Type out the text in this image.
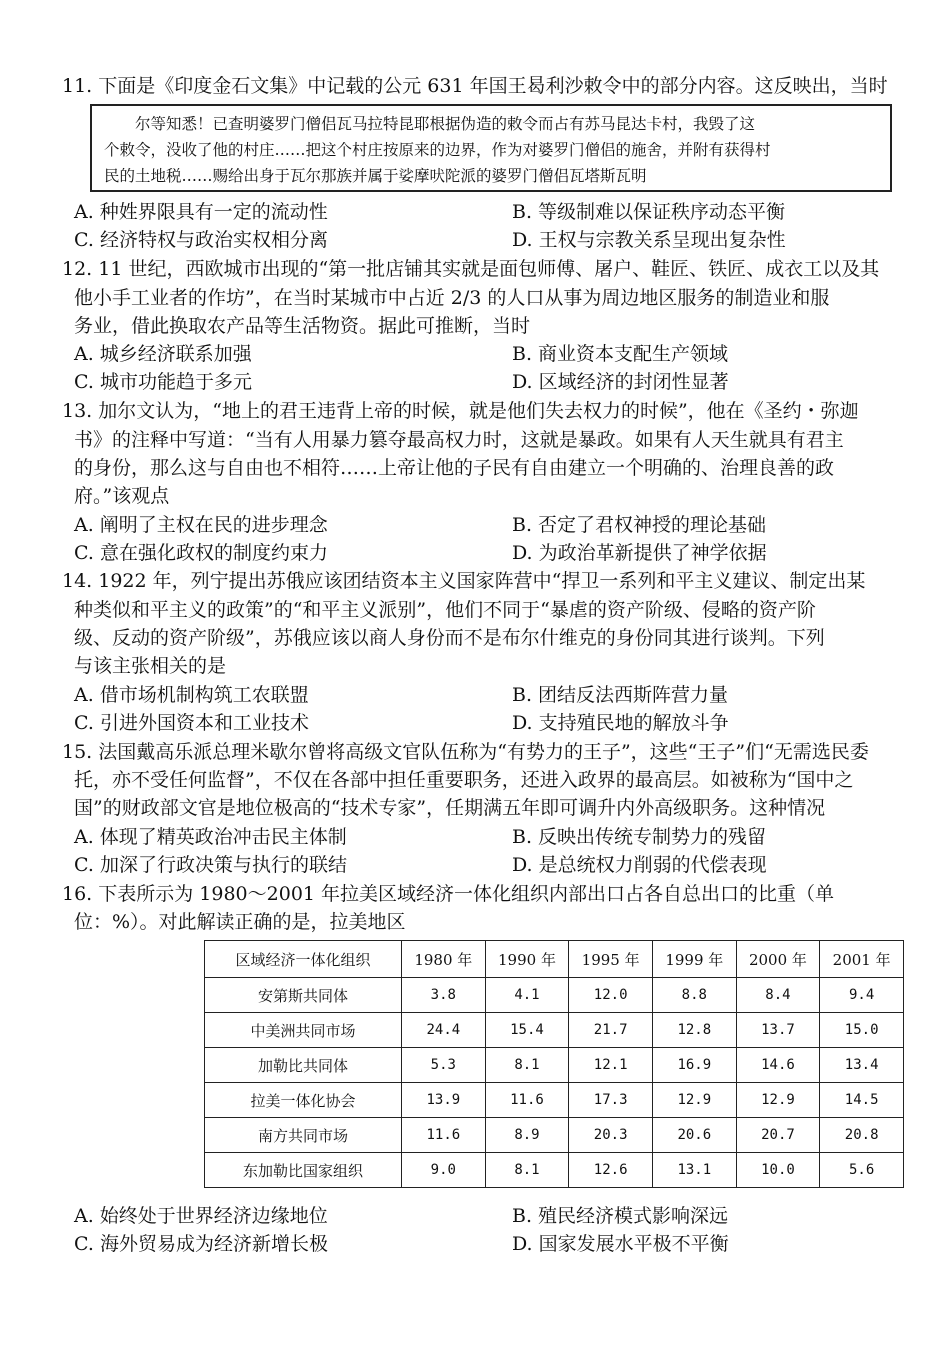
11. 下面是《印度金石文集》中记载的公元 631 年国王曷利沙敕令中的部分内容。这反映出，当时
尔等知悉！已查明婆罗门僧侣瓦马拉特昆耶根据伪造的敕令而占有苏马昆达卡村，我毁了这
个敕令，没收了他的村庄……把这个村庄按原来的边界，作为对婆罗门僧侣的施舍，并附有获得村
民的土地税……赐给出身于瓦尔那族并属于娑摩吠陀派的婆罗门僧侣瓦塔斯瓦明
A. 种姓界限具有一定的流动性	B. 等级制难以保证秩序动态平衡
C. 经济特权与政治实权相分离	D. 王权与宗教关系呈现出复杂性
12. 11 世纪，西欧城市出现的“第一批店铺其实就是面包师傅、屠户、鞋匠、铁匠、成衣工以及其
他小手工业者的作坊”，在当时某城市中占近 2/3 的人口从事为周边地区服务的制造业和服
务业，借此换取农产品等生活物资。据此可推断，当时
A. 城乡经济联系加强	B. 商业资本支配生产领域
C. 城市功能趋于多元	D. 区域经济的封闭性显著
13. 加尔文认为，“地上的君王违背上帝的时候，就是他们失去权力的时候”，他在《圣约・弥迦
书》的注释中写道：“当有人用暴力篡夺最高权力时，这就是暴政。如果有人天生就具有君主
的身份，那么这与自由也不相符……上帝让他的子民有自由建立一个明确的、治理良善的政
府。”该观点
A. 阐明了主权在民的进步理念	B. 否定了君权神授的理论基础
C. 意在强化政权的制度约束力	D. 为政治革新提供了神学依据
14. 1922 年，列宁提出苏俄应该团结资本主义国家阵营中“捍卫一系列和平主义建议、制定出某
种类似和平主义的政策”的“和平主义派别”，他们不同于“暴虐的资产阶级、侵略的资产阶
级、反动的资产阶级”，苏俄应该以商人身份而不是布尔什维克的身份同其进行谈判。下列
与该主张相关的是
A. 借市场机制构筑工农联盟	B. 团结反法西斯阵营力量
C. 引进外国资本和工业技术	D. 支持殖民地的解放斗争
15. 法国戴高乐派总理米歇尔曾将高级文官队伍称为“有势力的王子”，这些“王子”们“无需选民委
托，亦不受任何监督”，不仅在各部中担任重要职务，还进入政界的最高层。如被称为“国中之
国”的财政部文官是地位极高的“技术专家”，任期满五年即可调升内外高级职务。这种情况
A. 体现了精英政治冲击民主体制	B. 反映出传统专制势力的残留
C. 加深了行政决策与执行的联结	D. 是总统权力削弱的代偿表现
16. 下表所示为 1980～2001 年拉美区域经济一体化组织内部出口占各自总出口的比重（单
位：%）。对此解读正确的是，拉美地区
区域经济一体化组织	1980 年	1990 年	1995 年	1999 年	2000 年	2001 年
安第斯共同体	3.8	4.1	12.0	8.8	8.4	9.4
中美洲共同市场	24.4	15.4	21.7	12.8	13.7	15.0
加勒比共同体	5.3	8.1	12.1	16.9	14.6	13.4
拉美一体化协会	13.9	11.6	17.3	12.9	12.9	14.5
南方共同市场	11.6	8.9	20.3	20.6	20.7	20.8
东加勒比国家组织	9.0	8.1	12.6	13.1	10.0	5.6
A. 始终处于世界经济边缘地位	B. 殖民经济模式影响深远
C. 海外贸易成为经济新增长极	D. 国家发展水平极不平衡
